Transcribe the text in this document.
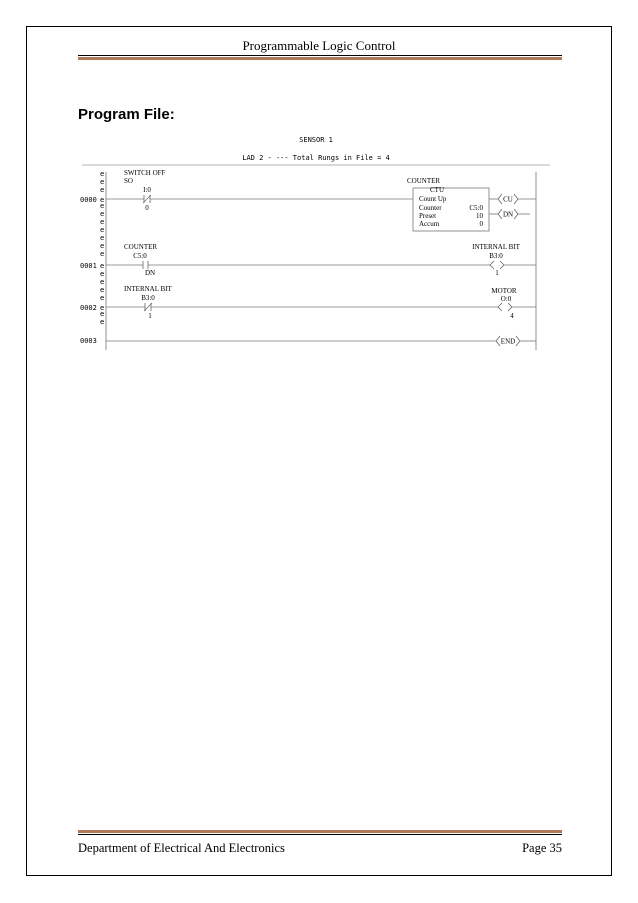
Programmable Logic Control
Program File:
SENSOR 1
LAD 2 - --- Total Rungs in File = 4
e
e
e
e
e
e
e
e
e
e
e
e
e
e
e
e
0000 e
SWITCH OFF
SO
I:0
0
COUNTER
CTU
Count Up
Counter	C5:0
Preset	10
Accum	0
CU
DN
0001 e
COUNTER
C5:0
DN
INTERNAL BIT
B3:0
1
0002 e
INTERNAL BIT
B3:0
1
MOTOR
O:0
4
0003	END
Department of Electrical And Electronics	Page 35
